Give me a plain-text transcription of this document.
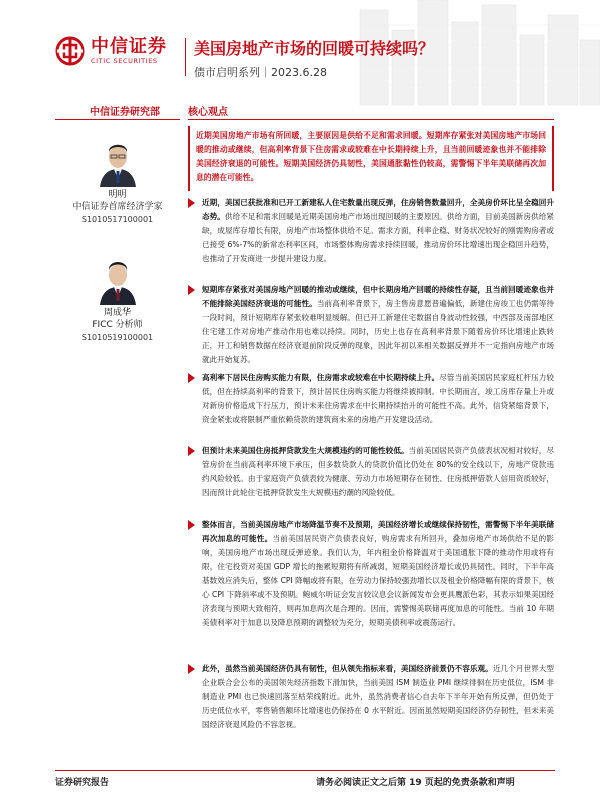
中信证券
CITIC SECURITIES
美国房地产市场的回暖可持续吗？
债市启明系列｜2023.6.28
中信证券研究部
明明
中信证券首席经济学家
S1010517100001
周成华
FICC 分析师
S1010519100001
核心观点
近期美国房地产市场有所回暖，主要原因是供给不足和需求回暖。短期库存紧张对美国房地产市场回暖的推动或继续，但高利率背景下住房需求或较难在中长期持续上升，且当前回暖迹象也并不能排除美国经济衰退的可能性。短期美国经济仍具韧性，美国通胀黏性仍较高，需警惕下半年美联储再次加息的潜在可能性。
近期，美国已获批准和已开工新建私人住宅数量出现反弹，住房销售数量回升，全美房价环比呈全稳回升态势。供给不足和需求回暖是近期美国房地产市场出现回暖的主要原因。供给方面，目前美国新房供给紧缺，成屋库存增长有限，房地产市场整体供给不足。需求方面，利率企稳、财务状况较好的刚需购房者或已接受 6%-7%的新常态利率区间，市场整体购房需求持续回暖，推动房价环比增速出现企稳回升趋势，也推动了开发商进一步提升建设力度。
短期库存紧张对美国房地产回暖的推动或继续，但中长期房地产回暖的持续性存疑，且当前回暖迹象也并不能排除美国经济衰退的可能性。当前高利率背景下，房主售房意愿普遍偏低，新建住房竣工也仍需等待一段时间，预计短期库存紧张较难明显缓解。但已开工新建住宅数据自身波动性较强，中西部及南部地区住宅建工作对房地产推动作用也难以持续。同时，历史上也存在高利率背景下随着房价环比增速止跌转正，开工和销售数据在经济衰退前阶段反弹的现象，因此年初以来相关数据反弹并不一定指向房地产市场就此开始复苏。
高利率下居民住房购买能力有限，住房需求或较难在中长期持续上升。尽管当前美国居民家庭杠杆压力较低，但在持续高利率的背景下，预计居民住房购买能力将继续被抑制。中长期而言，竣工房库存量上升或对新房价格造成下行压力，预计未来住房需求在中长期持续抬升的可能性不高。此外，信贷紧缩背景下，资金紧张或将限制严重依赖贷款的建筑商未来的房地产开发建设活动。
但预计未来美国住房抵押贷款发生大规模违约的可能性较低。当前美国居民资产负债表状况相对较好，尽管房价在当前高利率环境下承压，但多数贷款人的贷款价值比仍处在 80%的安全线以下，房地产贷款违约风险较低。由于家庭资产负债表较为健康、劳动力市场短期存在韧性、住房抵押借款人信用资质较好，因而预计此轮住宅抵押贷款发生大规模违约潮的风险较低。
整体而言，当前美国房地产市场降温节奏不及预期，美国经济增长或继续保持韧性，需警惕下半年美联储再次加息的可能性。当前美国居民资产负债表良好，购房需求有所回升，叠加房地产市场供给不足的影响，美国房地产市场出现反弹迹象。我们认为，年内租金价格降温对于美国通胀下降的推动作用或将有限，住宅投资对美国 GDP 增长的拖累短期将有所减弱，短期美国经济增长或仍具韧性。同时，下半年高基数效应消失后，整体 CPI 降幅或将有限，在劳动力保持较强劲增长以及租金价格降幅有限的背景下，核心 CPI 下降斜率或不及预期。鲍威尔听证会发言较议息会议新闻发布会更具鹰派色彩，其表示如果美国经济表现与预期大致相符，则再加息两次是合理的。因而，需警惕美联储再度加息的可能性。当前 10 年期美债利率对于加息以及降息预期的调整较为充分，短期美债利率或震荡运行。
此外，虽然当前美国经济仍具有韧性，但从领先指标来看，美国经济前景仍不容乐观。近几个月世界大型企业联合会公布的美国领先经济指数下滑加快，当前美国 ISM 制造业 PMI 继续徘徊在历史低位，ISM 非制造业 PMI 也已快速回落至枯荣线附近。此外，虽然消费者信心自去年下半年开始有所反弹，但仍处于历史低位水平，零售销售额环比增速也仍保持在 0 水平附近。因而虽然短期美国经济仍存韧性，但未来美国经济衰退风险仍不容忽视。
证券研究报告	请务必阅读正文之后第 19 页起的免责条款和声明
